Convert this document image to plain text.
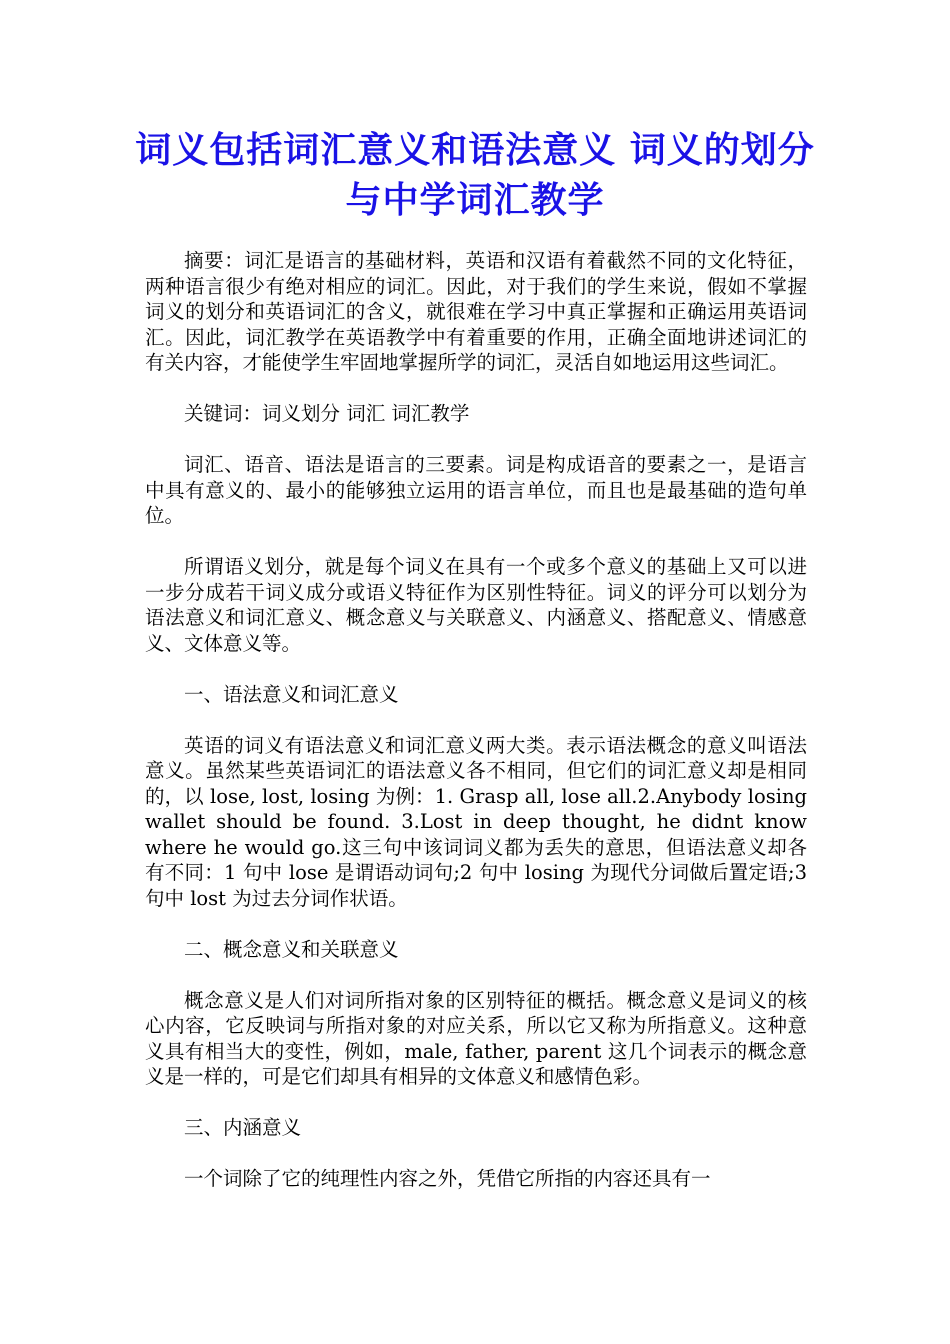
词义包括词汇意义和语法意义 词义的划分与中学词汇教学

摘要：词汇是语言的基础材料，英语和汉语有着截然不同的文化特征，两种语言很少有绝对相应的词汇。因此，对于我们的学生来说，假如不掌握词义的划分和英语词汇的含义，就很难在学习中真正掌握和正确运用英语词汇。因此，词汇教学在英语教学中有着重要的作用，正确全面地讲述词汇的有关内容，才能使学生牢固地掌握所学的词汇，灵活自如地运用这些词汇。

关键词：词义划分 词汇 词汇教学

词汇、语音、语法是语言的三要素。词是构成语音的要素之一，是语言中具有意义的、最小的能够独立运用的语言单位，而且也是最基础的造句单位。

所谓语义划分，就是每个词义在具有一个或多个意义的基础上又可以进一步分成若干词义成分或语义特征作为区别性特征。词义的评分可以划分为语法意义和词汇意义、概念意义与关联意义、内涵意义、搭配意义、情感意义、文体意义等。

一、语法意义和词汇意义

英语的词义有语法意义和词汇意义两大类。表示语法概念的意义叫语法意义。虽然某些英语词汇的语法意义各不相同，但它们的词汇意义却是相同的，以 lose, lost, losing 为例：1. Grasp all, lose all.2.Anybody losing wallet should be found. 3.Lost in deep thought, he didnt know where he would go.这三句中该词词义都为丢失的意思，但语法意义却各有不同：1 句中 lose 是谓语动词句;2 句中 losing 为现代分词做后置定语;3 句中 lost 为过去分词作状语。

二、概念意义和关联意义

概念意义是人们对词所指对象的区别特征的概括。概念意义是词义的核心内容，它反映词与所指对象的对应关系，所以它又称为所指意义。这种意义具有相当大的变性，例如，male, father, parent 这几个词表示的概念意义是一样的，可是它们却具有相异的文体意义和感情色彩。

三、内涵意义

一个词除了它的纯理性内容之外，凭借它所指的内容还具有一
